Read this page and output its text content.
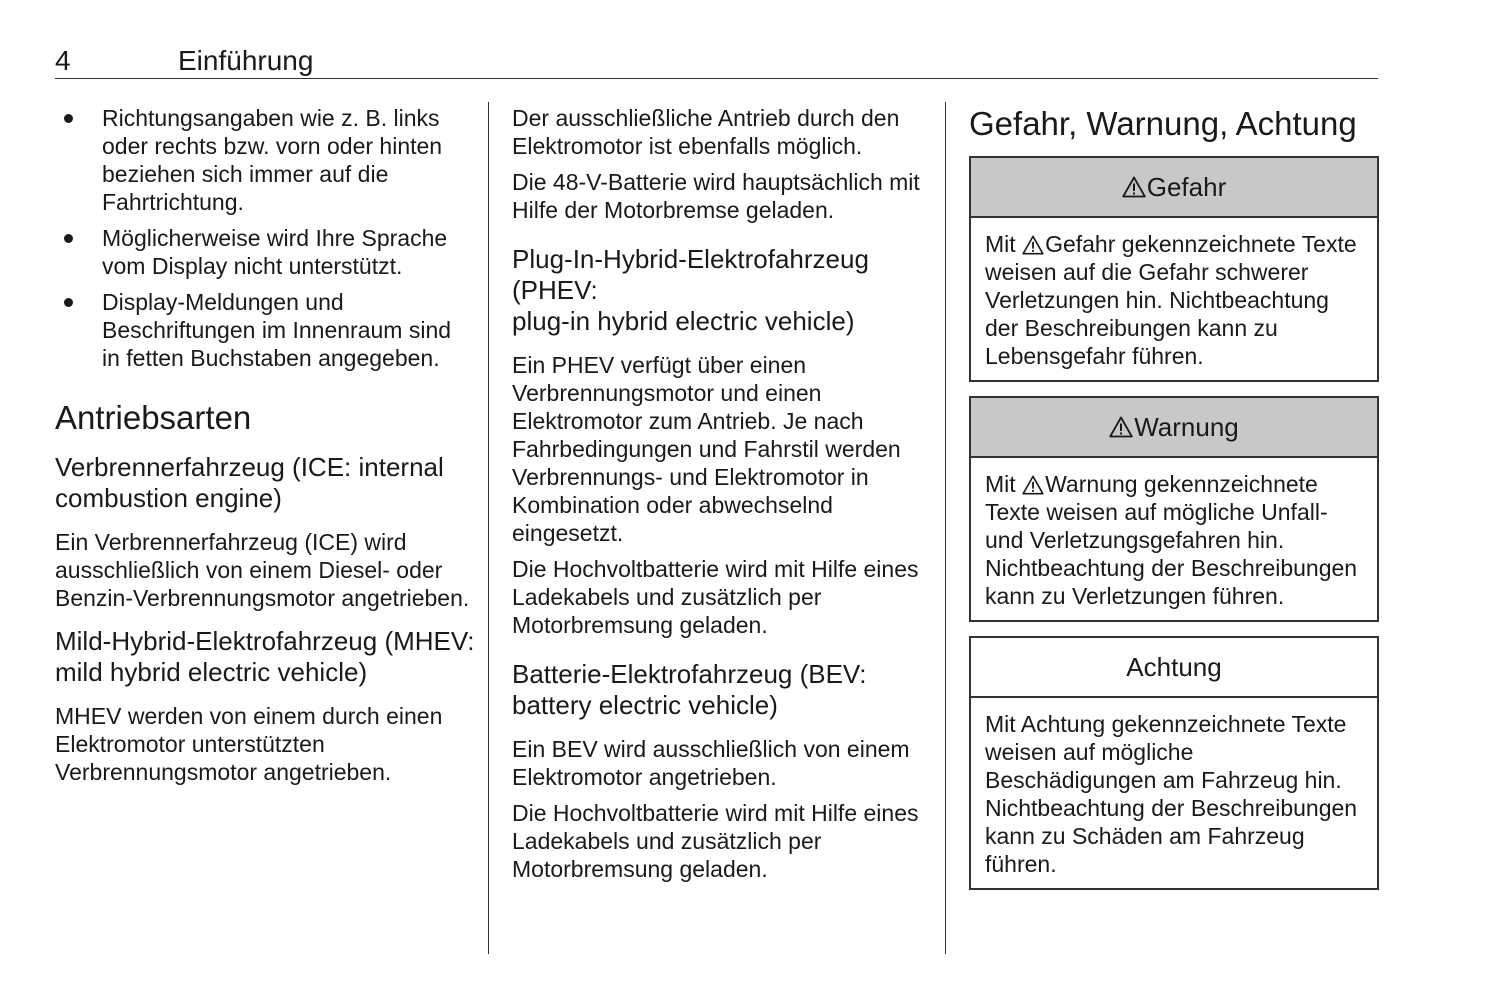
4	Einführung
Richtungsangaben wie z. B. links oder rechts bzw. vorn oder hinten beziehen sich immer auf die Fahrtrichtung.
Möglicherweise wird Ihre Sprache vom Display nicht unterstützt.
Display-Meldungen und Beschriftungen im Innenraum sind in fetten Buchstaben angegeben.
Antriebsarten
Verbrennerfahrzeug (ICE: internal combustion engine)

Ein Verbrennerfahrzeug (ICE) wird ausschließlich von einem Diesel- oder Benzin-Verbrennungsmotor angetrieben.

Mild-Hybrid-Elektrofahrzeug (MHEV:
mild hybrid electric vehicle)

MHEV werden von einem durch einen Elektromotor unterstützten Verbrennungsmotor angetrieben.

Der ausschließliche Antrieb durch den Elektromotor ist ebenfalls möglich.

Die 48-V-Batterie wird hauptsächlich mit Hilfe der Motorbremse geladen.

Plug-In-Hybrid-Elektrofahrzeug (PHEV:
plug-in hybrid electric vehicle)

Ein PHEV verfügt über einen Verbrennungsmotor und einen Elektromotor zum Antrieb. Je nach Fahrbedingungen und Fahrstil werden Verbrennungs- und Elektromotor in Kombination oder abwechselnd eingesetzt.

Die Hochvoltbatterie wird mit Hilfe eines Ladekabels und zusätzlich per Motorbremsung geladen.

Batterie-Elektrofahrzeug (BEV: battery electric vehicle)

Ein BEV wird ausschließlich von einem Elektromotor angetrieben.

Die Hochvoltbatterie wird mit Hilfe eines Ladekabels und zusätzlich per Motorbremsung geladen.

Gefahr, Warnung, Achtung
Gefahr
Mit Gefahr gekennzeichnete Texte weisen auf die Gefahr schwerer Verletzungen hin. Nichtbeachtung der Beschreibungen kann zu Lebensgefahr führen.
Warnung
Mit Warnung gekennzeichnete Texte weisen auf mögliche Unfall- und Verletzungsgefahren hin. Nichtbeachtung der Beschreibungen kann zu Verletzungen führen.
Achtung
Mit Achtung gekennzeichnete Texte weisen auf mögliche Beschädigungen am Fahrzeug hin. Nichtbeachtung der Beschreibungen kann zu Schäden am Fahrzeug führen.
